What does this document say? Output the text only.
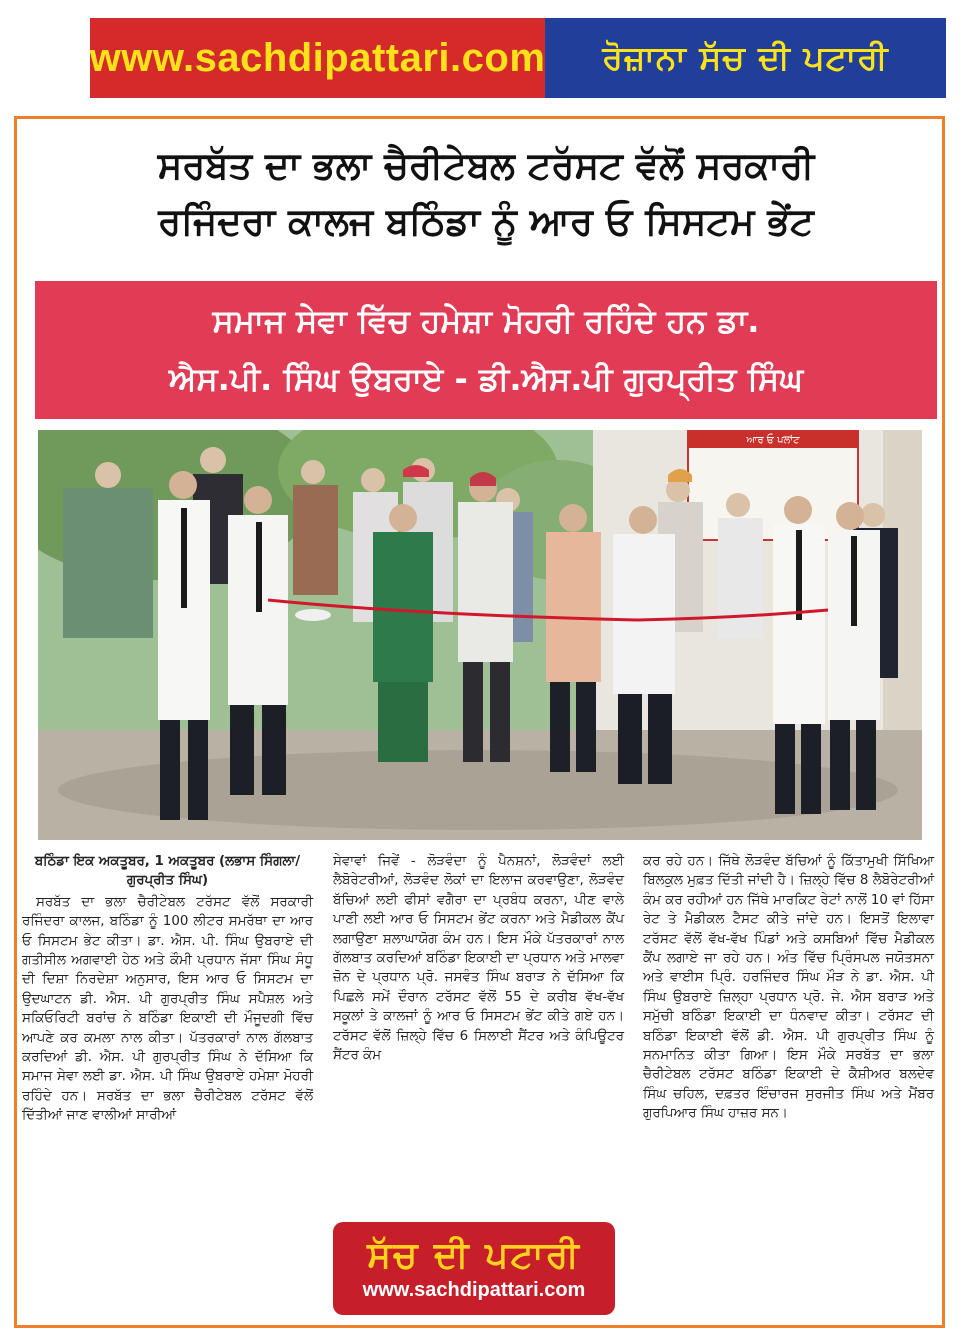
www.sachdipattari.com ਰੋਜ਼ਾਨਾ ਸੱਚ ਦੀ ਪਟਾਰੀ
ਸਰਬੱਤ ਦਾ ਭਲਾ ਚੈਰੀਟੇਬਲ ਟਰੱਸਟ ਵੱਲੋਂ ਸਰਕਾਰੀ
ਰਜਿੰਦਰਾ ਕਾਲਜ ਬਠਿੰਡਾ ਨੂੰ ਆਰ ਓ ਸਿਸਟਮ ਭੇਂਟ
ਸਮਾਜ ਸੇਵਾ ਵਿੱਚ ਹਮੇਸ਼ਾ ਮੋਹਰੀ ਰਹਿੰਦੇ ਹਨ ਡਾ.
ਐਸ.ਪੀ. ਸਿੰਘ ਉਬਰਾਏ - ਡੀ.ਐਸ.ਪੀ ਗੁਰਪ੍ਰੀਤ ਸਿੰਘ
ਆਰ ਓ ਪਲਾਂਟ
ਬਠਿੰਡਾ ਇਕ ਅਕਤੂਬਰ, 1 ਅਕਤੂਬਰ (ਲਭਾਸ ਸਿੰਗਲਾ/ਗੁਰਪ੍ਰੀਤ ਸਿੰਘ)

ਸਰਬੱਤ ਦਾ ਭਲਾ ਚੈਰੀਟੇਬਲ ਟਰੱਸਟ ਵੱਲੋਂ ਸਰਕਾਰੀ ਰਜਿੰਦਰਾ ਕਾਲਜ, ਬਠਿੰਡਾ ਨੂੰ 100 ਲੀਟਰ ਸਮਰੱਥਾ ਦਾ ਆਰ ਓ ਸਿਸਟਮ ਭੇਟ ਕੀਤਾ। ਡਾ. ਐਸ. ਪੀ. ਸਿੰਘ ਉਬਰਾਏ ਦੀ ਗਤੀਸੀਲ ਅਗਵਾਈ ਹੇਠ ਅਤੇ ਕੌਮੀ ਪ੍ਰਧਾਨ ਜੱਸਾ ਸਿੰਘ ਸੰਧੂ ਦੀ ਦਿਸ਼ਾ ਨਿਰਦੇਸ਼ਾ ਅਨੁਸਾਰ, ਇਸ ਆਰ ਓ ਸਿਸਟਮ ਦਾ ਉਦਘਾਟਨ ਡੀ. ਐਸ. ਪੀ ਗੁਰਪ੍ਰੀਤ ਸਿੰਘ ਸਪੈਸ਼ਲ ਅਤੇ ਸਕਿਓਰਿਟੀ ਬਰਾਂਚ ਨੇ ਬਠਿੰਡਾ ਇਕਾਈ ਦੀ ਮੌਜੂਦਗੀ ਵਿੱਚ ਆਪਣੇ ਕਰ ਕਮਲਾ ਨਾਲ ਕੀਤਾ। ਪੱਤਰਕਾਰਾਂ ਨਾਲ ਗੱਲਬਾਤ ਕਰਦਿਆਂ ਡੀ. ਐਸ. ਪੀ ਗੁਰਪ੍ਰੀਤ ਸਿੰਘ ਨੇ ਦੱਸਿਆ ਕਿ ਸਮਾਜ ਸੇਵਾ ਲਈ ਡਾ. ਐਸ. ਪੀ ਸਿੰਘ ਉਬਰਾਏ ਹਮੇਸ਼ਾ ਮੋਹਰੀ ਰਹਿੰਦੇ ਹਨ। ਸਰਬੱਤ ਦਾ ਭਲਾ ਚੈਰੀਟੇਬਲ ਟਰੱਸਟ ਵੱਲੋਂ ਦਿੱਤੀਆਂ ਜਾਣ ਵਾਲੀਆਂ ਸਾਰੀਆਂ

ਸੇਵਾਵਾਂ ਜਿਵੇਂ - ਲੋੜਵੰਦਾ ਨੂੰ ਪੈਨਸ਼ਨਾਂ, ਲੋੜਵੰਦਾਂ ਲਈ ਲੈਬੋਰੇਟਰੀਆਂ, ਲੋੜਵੰਦ ਲੋਕਾਂ ਦਾ ਇਲਾਜ ਕਰਵਾਉਣਾ, ਲੋੜਵੰਦ ਬੱਚਿਆਂ ਲਈ ਫੀਸਾਂ ਵਗੈਰਾ ਦਾ ਪ੍ਰਬੰਧ ਕਰਨਾ, ਪੀਣ ਵਾਲੇ ਪਾਣੀ ਲਈ ਆਰ ਓ ਸਿਸਟਮ ਭੇਂਟ ਕਰਨਾ ਅਤੇ ਮੈਡੀਕਲ ਕੈਂਪ ਲਗਾਉਣਾ ਸ਼ਲਾਘਾਯੋਗ ਕੰਮ ਹਨ। ਇਸ ਮੌਕੇ ਪੱਤਰਕਾਰਾਂ ਨਾਲ ਗੱਲਬਾਤ ਕਰਦਿਆਂ ਬਠਿੰਡਾ ਇਕਾਈ ਦਾ ਪ੍ਰਧਾਨ ਅਤੇ ਮਾਲਵਾ ਜ਼ੋਨ ਦੇ ਪ੍ਰਧਾਨ ਪ੍ਰੋ. ਜਸਵੰਤ ਸਿੰਘ ਬਰਾੜ ਨੇ ਦੱਸਿਆ ਕਿ ਪਿਛਲੇ ਸਮੇਂ ਦੌਰਾਨ ਟਰੱਸਟ ਵੱਲੋਂ 55 ਦੇ ਕਰੀਬ ਵੱਖ-ਵੱਖ ਸਕੂਲਾਂ ਤੇ ਕਾਲਜਾਂ ਨੂੰ ਆਰ ਓ ਸਿਸਟਮ ਭੇਂਟ ਕੀਤੇ ਗਏ ਹਨ। ਟਰੱਸਟ ਵੱਲੋਂ ਜ਼ਿਲ੍ਹੇ ਵਿੱਚ 6 ਸਿਲਾਈ ਸੈਂਟਰ ਅਤੇ ਕੰਪਿਊਟਰ ਸੈਂਟਰ ਕੰਮ

ਕਰ ਰਹੇ ਹਨ। ਜਿੱਥੇ ਲੋੜਵੰਦ ਬੱਚਿਆਂ ਨੂੰ ਕਿੱਤਾਮੁਖੀ ਸਿੱਖਿਆ ਬਿਲਕੁਲ ਮੁਫ਼ਤ ਦਿੱਤੀ ਜਾਂਦੀ ਹੈ। ਜ਼ਿਲ੍ਹੇ ਵਿੱਚ 8 ਲੈਬੋਰੇਟਰੀਆਂ ਕੰਮ ਕਰ ਰਹੀਆਂ ਹਨ ਜਿੱਥੇ ਮਾਰਕਿਟ ਰੇਟਾਂ ਨਾਲੋਂ 10 ਵਾਂ ਹਿੱਸਾ ਰੇਟ ਤੇ ਮੈਡੀਕਲ ਟੈਸਟ ਕੀਤੇ ਜਾਂਦੇ ਹਨ। ਇਸਤੋਂ ਇਲਾਵਾ ਟਰੱਸਟ ਵੱਲੋਂ ਵੱਖ-ਵੱਖ ਪਿੰਡਾਂ ਅਤੇ ਕਸਬਿਆਂ ਵਿੱਚ ਮੈਡੀਕਲ ਕੈਂਪ ਲਗਾਏ ਜਾ ਰਹੇ ਹਨ। ਅੰਤ ਵਿੱਚ ਪ੍ਰਿੰਸਪਲ ਜਯੋਤਸਨਾ ਅਤੇ ਵਾਈਸ ਪ੍ਰਿੰ. ਹਰਜਿੰਦਰ ਸਿੰਘ ਮੌੜ ਨੇ ਡਾ. ਐਸ. ਪੀ ਸਿੰਘ ਉਬਰਾਏ ਜ਼ਿਲ੍ਹਾ ਪ੍ਰਧਾਨ ਪ੍ਰੋ. ਜੇ. ਐਸ ਬਰਾੜ ਅਤੇ ਸਮੁੱਚੀ ਬਠਿੰਡਾ ਇਕਾਈ ਦਾ ਧੰਨਵਾਦ ਕੀਤਾ। ਟਰੱਸਟ ਦੀ ਬਠਿੰਡਾ ਇਕਾਈ ਵੱਲੋਂ ਡੀ. ਐਸ. ਪੀ ਗੁਰਪ੍ਰੀਤ ਸਿੰਘ ਨੂੰ ਸਨਮਾਨਿਤ ਕੀਤਾ ਗਿਆ। ਇਸ ਮੌਕੇ ਸਰਬੱਤ ਦਾ ਭਲਾ ਚੈਰੀਟੇਬਲ ਟਰੱਸਟ ਬਠਿੰਡਾ ਇਕਾਈ ਦੇ ਕੈਸ਼ੀਅਰ ਬਲਦੇਵ ਸਿੰਘ ਚਹਿਲ, ਦਫ਼ਤਰ ਇੰਚਾਰਜ ਸੁਰਜੀਤ ਸਿੰਘ ਅਤੇ ਮੈਂਬਰ ਗੁਰਪਿਆਰ ਸਿੰਘ ਹਾਜ਼ਰ ਸਨ।

ਸੱਚ ਦੀ ਪਟਾਰੀ
www.sachdipattari.com
